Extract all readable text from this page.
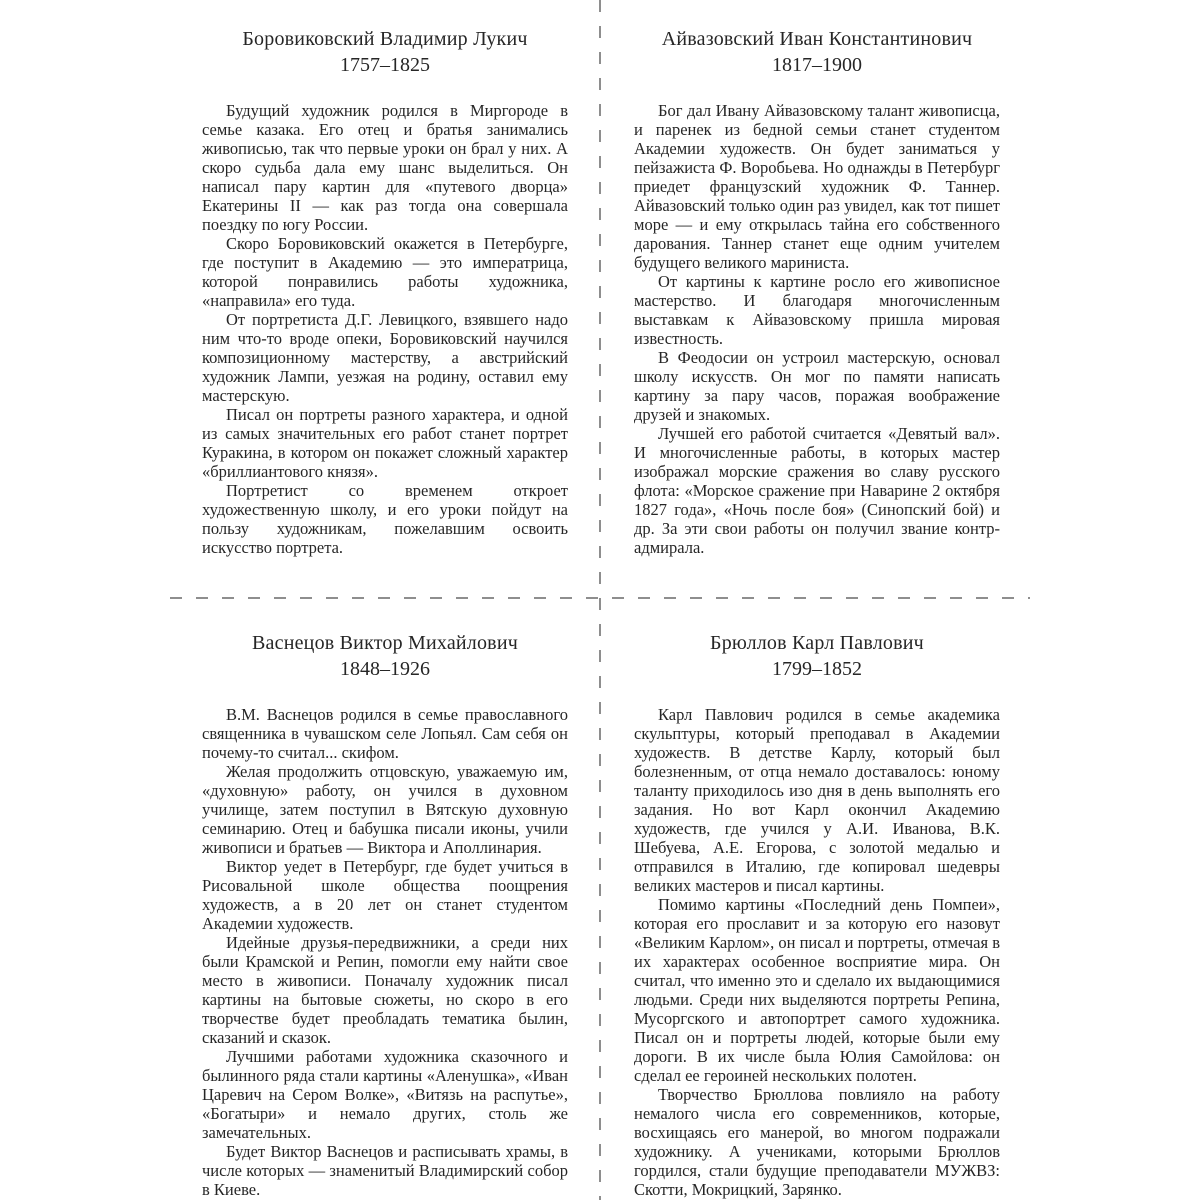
Боровиковский Владимир Лукич
1757–1825

Будущий художник родился в Миргороде в семье казака. Его отец и братья занимались живописью, так что первые уроки он брал у них. А скоро судьба дала ему шанс выделиться. Он написал пару картин для «путевого дворца» Екатерины II — как раз тогда она совершала поездку по югу России.

Скоро Боровиковский окажется в Петербурге, где поступит в Академию — это императрица, которой понравились работы художника, «направила» его туда.

От портретиста Д.Г. Левицкого, взявшего надо ним что-то вроде опеки, Боровиковский научился композиционному мастерству, а австрийский художник Лампи, уезжая на родину, оставил ему мастерскую.

Писал он портреты разного характера, и одной из самых значительных его работ станет портрет Куракина, в котором он покажет сложный характер «бриллиантового князя».

Портретист со временем откроет художественную школу, и его уроки пойдут на пользу художникам, пожелавшим освоить искусство портрета.

Айвазовский Иван Константинович
1817–1900

Бог дал Ивану Айвазовскому талант живописца, и паренек из бедной семьи станет студентом Академии художеств. Он будет заниматься у пейзажиста Ф. Воробьева. Но однажды в Петербург приедет французский художник Ф. Таннер. Айвазовский только один раз увидел, как тот пишет море — и ему открылась тайна его собственного дарования. Таннер станет еще одним учителем будущего великого мариниста.

От картины к картине росло его живописное мастерство. И благодаря многочисленным выставкам к Айвазовскому пришла мировая известность.

В Феодосии он устроил мастерскую, основал школу искусств. Он мог по памяти написать картину за пару часов, поражая воображение друзей и знакомых.

Лучшей его работой считается «Девятый вал». И многочисленные работы, в которых мастер изображал морские сражения во славу русского флота: «Морское сражение при Наварине 2 октября 1827 года», «Ночь после боя» (Синопский бой) и др. За эти свои работы он получил звание контр-адмирала.

Васнецов Виктор Михайлович
1848–1926

В.М. Васнецов родился в семье православного священника в чувашском селе Лопьял. Сам себя он почему-то считал... скифом.

Желая продолжить отцовскую, уважаемую им, «духовную» работу, он учился в духовном училище, затем поступил в Вятскую духовную семинарию. Отец и бабушка писали иконы, учили живописи и братьев — Виктора и Аполлинария.

Виктор уедет в Петербург, где будет учиться в Рисовальной школе общества поощрения художеств, а в 20 лет он станет студентом Академии художеств.

Идейные друзья-передвижники, а среди них были Крамской и Репин, помогли ему найти свое место в живописи. Поначалу художник писал картины на бытовые сюжеты, но скоро в его творчестве будет преобладать тематика былин, сказаний и сказок.

Лучшими работами художника сказочного и былинного ряда стали картины «Аленушка», «Иван Царевич на Сером Волке», «Витязь на распутье», «Богатыри» и немало других, столь же замечательных.

Будет Виктор Васнецов и расписывать храмы, в числе которых — знаменитый Владимирский собор в Киеве.

Брюллов Карл Павлович
1799–1852

Карл Павлович родился в семье академика скульптуры, который преподавал в Академии художеств. В детстве Карлу, который был болезненным, от отца немало доставалось: юному таланту приходилось изо дня в день выполнять его задания. Но вот Карл окончил Академию художеств, где учился у А.И. Иванова, В.К. Шебуева, А.Е. Егорова, с золотой медалью и отправился в Италию, где копировал шедевры великих мастеров и писал картины.

Помимо картины «Последний день Помпеи», которая его прославит и за которую его назовут «Великим Карлом», он писал и портреты, отмечая в их характерах особенное восприятие мира. Он считал, что именно это и сделало их выдающимися людьми. Среди них выделяются портреты Репина, Мусоргского и автопортрет самого художника. Писал он и портреты людей, которые были ему дороги. В их числе была Юлия Самойлова: он сделал ее героиней нескольких полотен.

Творчество Брюллова повлияло на работу немалого числа его современников, которые, восхищаясь его манерой, во многом подражали художнику. А учениками, которыми Брюллов гордился, стали будущие преподаватели МУЖВЗ: Скотти, Мокрицкий, Зарянко.
